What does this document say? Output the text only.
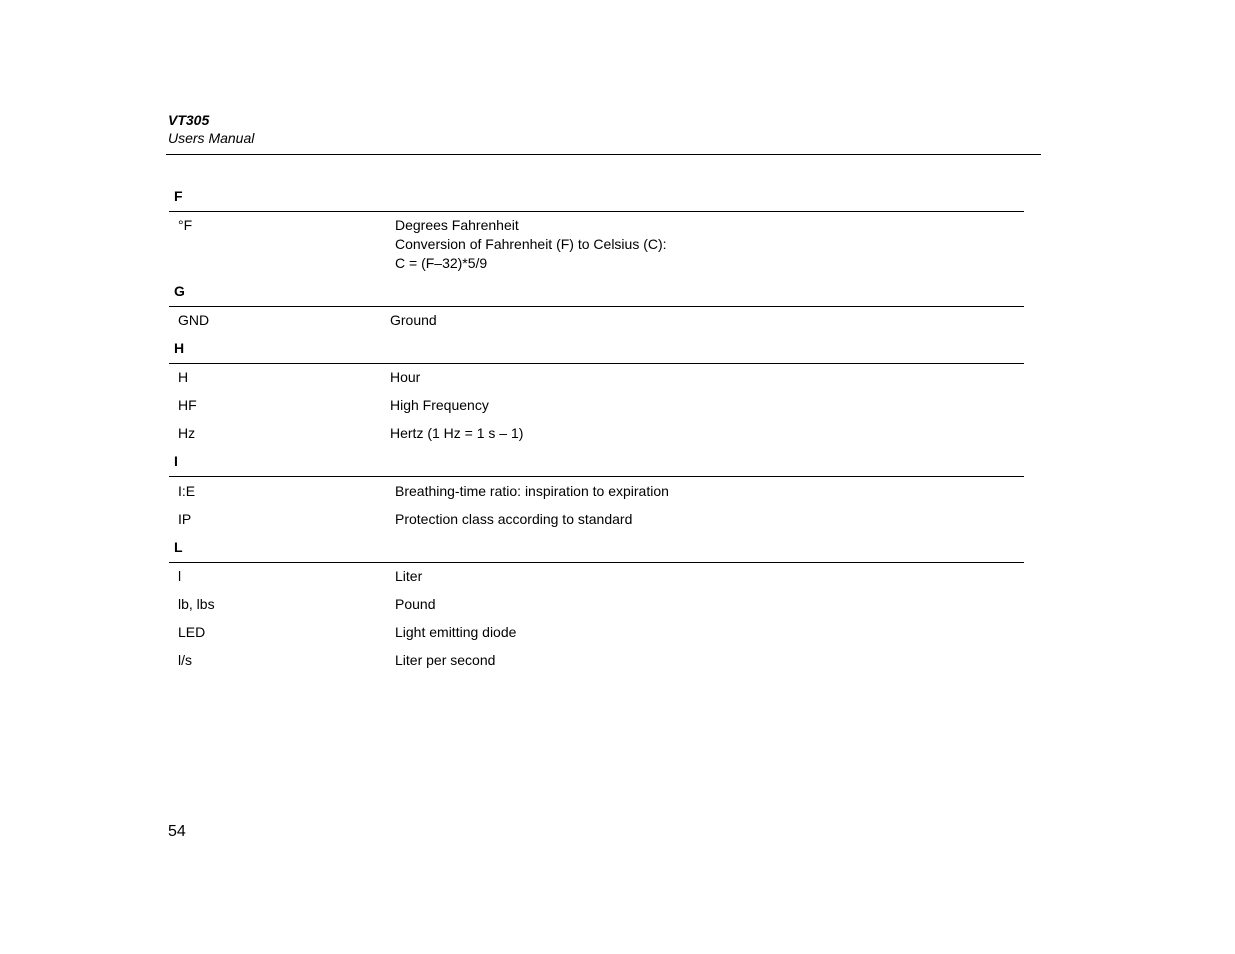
VT305
Users Manual
F
°F	Degrees Fahrenheit
Conversion of Fahrenheit (F) to Celsius (C):
C = (F–32)*5/9
G
GND	Ground
H
H	Hour
HF	High Frequency
Hz	Hertz (1 Hz = 1 s – 1)
I
I:E	Breathing-time ratio: inspiration to expiration
IP	Protection class according to standard
L
l	Liter
lb, lbs	Pound
LED	Light emitting diode
l/s	Liter per second
54
